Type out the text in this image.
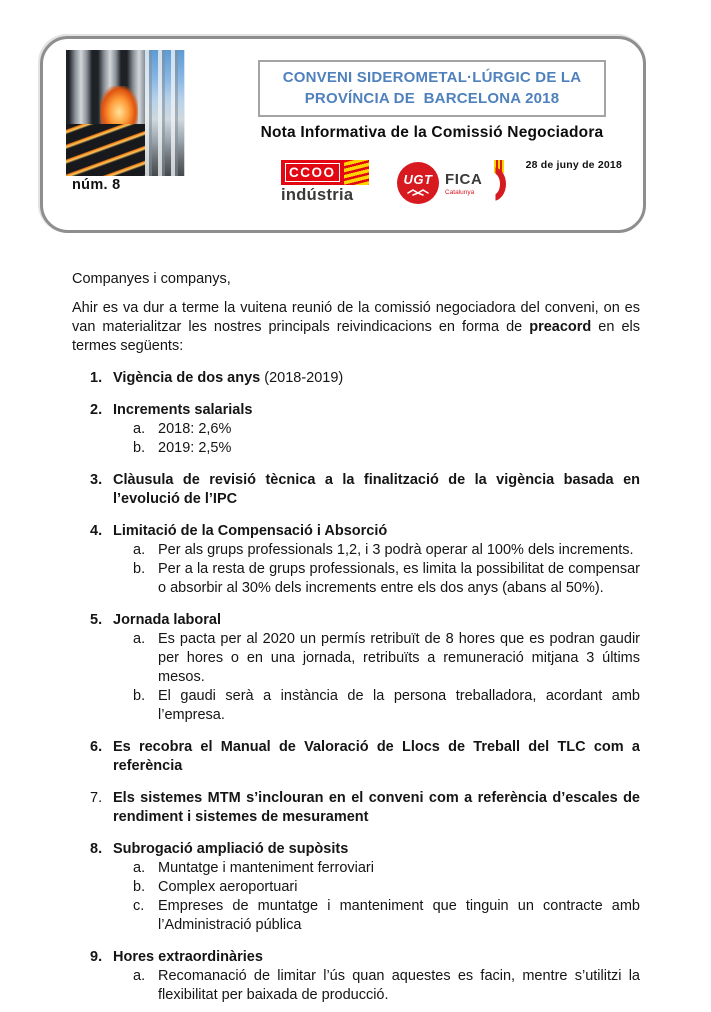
núm. 8
CONVENI SIDEROMETAL·LÚRGIC DE LA
PROVÍNCIA DE  BARCELONA 2018
Nota Informativa de la Comissió Negociadora
28 de juny de 2018
CCOO
indústria
UGT FICA
Catalunya

Companyes i companys,

Ahir es va dur a terme la vuitena reunió de la comissió negociadora del conveni, on es van materialitzar les nostres principals reivindicacions en forma de preacord en els termes següents:

1. Vigència de dos anys (2018-2019)
2. Increments salarials
a. 2018: 2,6%
b. 2019: 2,5%
3. Clàusula de revisió tècnica a la finalització de la vigència basada en l’evolució de l’IPC
4. Limitació de la Compensació i Absorció
a. Per als grups professionals 1,2, i 3 podrà operar al 100% dels increments.
b. Per a la resta de grups professionals, es limita la possibilitat de compensar o absorbir al 30% dels increments entre els dos anys (abans al 50%).
5. Jornada laboral
a. Es pacta per al 2020 un permís retribuït de 8 hores que es podran gaudir per hores o en una jornada, retribuïts a remuneració mitjana 3 últims mesos.
b. El gaudi serà a instància de la persona treballadora, acordant amb l’empresa.
6. Es recobra el Manual de Valoració de Llocs de Treball del TLC com a referència
7. Els sistemes MTM s’inclouran en el conveni com a referència d’escales de rendiment i sistemes de mesurament
8. Subrogació ampliació de supòsits
a. Muntatge i manteniment ferroviari
b. Complex aeroportuari
c. Empreses de muntatge i manteniment que tinguin un contracte amb l’Administració pública
9. Hores extraordinàries
a. Recomanació de limitar l’ús quan aquestes es facin, mentre s’utilitzi la flexibilitat per baixada de producció.
